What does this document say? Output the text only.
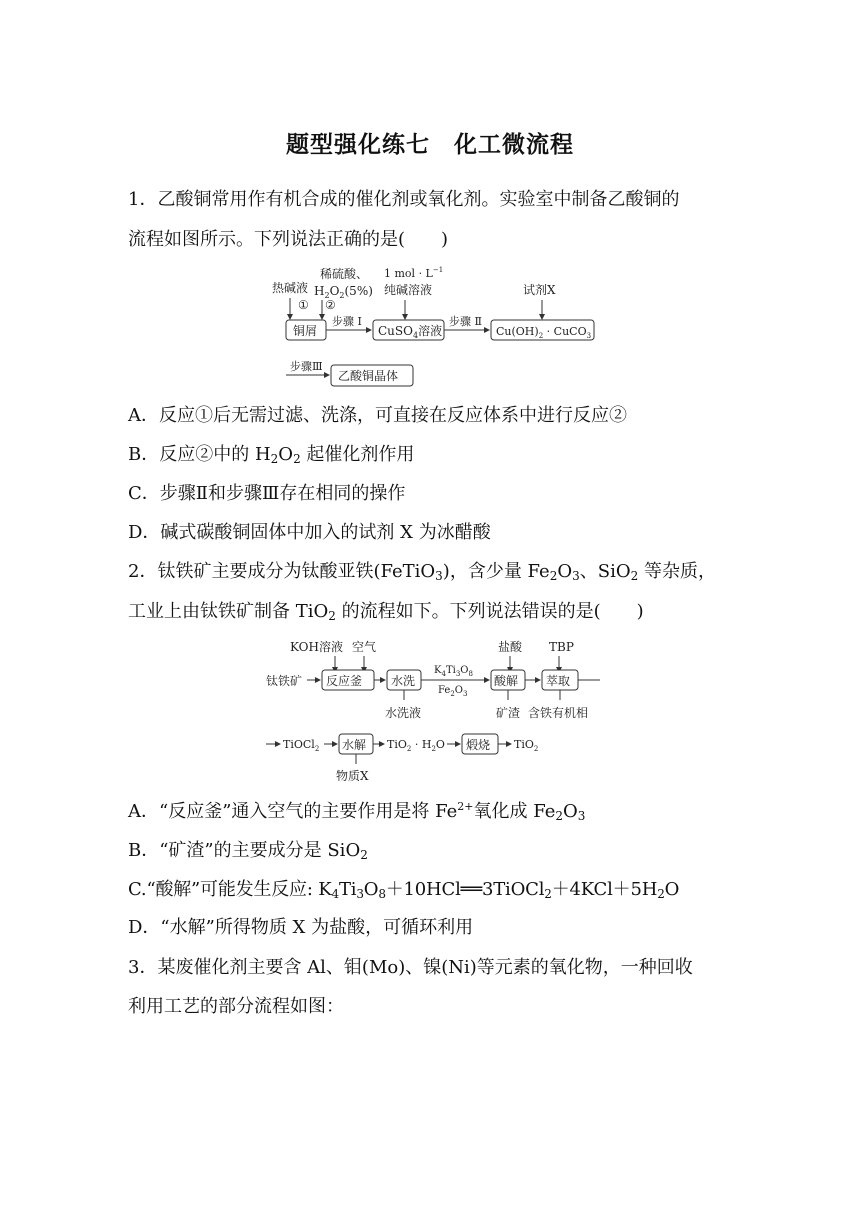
题型强化练七　化工微流程
1．乙酸铜常用作有机合成的催化剂或氧化剂。实验室中制备乙酸铜的
流程如图所示。下列说法正确的是(　　)
热碱液
①
稀硫酸、
$H_2O_2(5\%)$
②
1 mol · $L^{-1}$
纯碱溶液	试剂X
铜屑
步骤 Ⅰ
CuSO$_4$溶液
步骤 Ⅱ
$Cu(OH)_2$ · CuCO$_3$
步骤Ⅲ
乙酸铜晶体
A．反应①后无需过滤、洗涤，可直接在反应体系中进行反应②
B．反应②中的 $H_2O_2$ 起催化剂作用
C．步骤Ⅱ和步骤Ⅲ存在相同的操作
D．碱式碳酸铜固体中加入的试剂 X 为冰醋酸
2．钛铁矿主要成分为钛酸亚铁(FeTiO$_3$)，含少量 $Fe_2O_3$、SiO$_2$ 等杂质，
工业上由钛铁矿制备 TiO$_2$ 的流程如下。下列说法错误的是(　　)
KOH溶液 空气
钛铁矿 反应釜 水洗
水洗液
$K_4Ti_3O_8$
$Fe_2O_3$
盐酸 TBP
酸解
矿渣
萃取
含铁有机相
TiOCl$_2$ 水解
物质X
$TiO_2 \cdot H_2O$ 煅烧 TiO$_2$
A．“反应釜”通入空气的主要作用是将 $Fe^{2+}$氧化成 $Fe_2O_3$
B．“矿渣”的主要成分是 SiO$_2$
C.“酸解”可能发生反应: $K_4Ti_3O_8+10HCl══3TiOCl_2+4KCl+5H_2O$
D．“水解”所得物质 X 为盐酸，可循环利用
3．某废催化剂主要含 Al、钼(Mo)、镍(Ni)等元素的氧化物，一种回收
利用工艺的部分流程如图：
